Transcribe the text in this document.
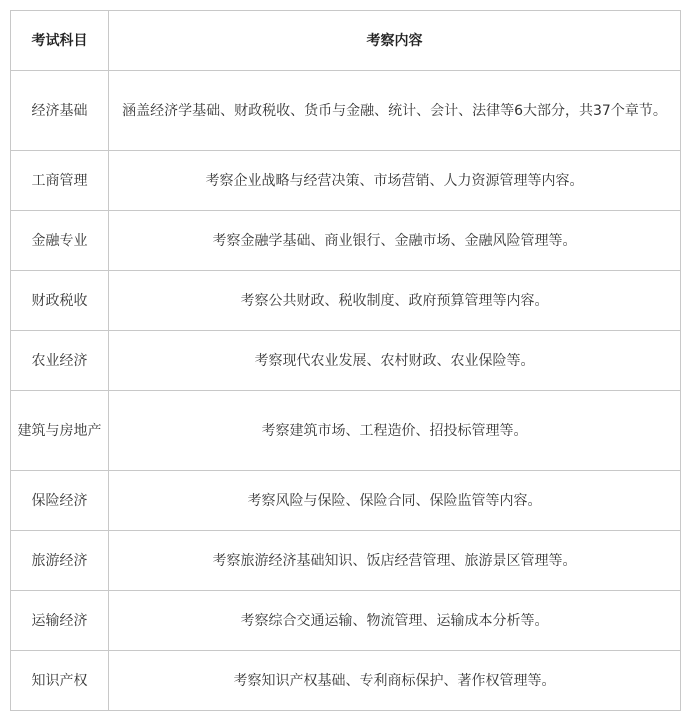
考试科目	考察内容
经济基础	涵盖经济学基础、财政税收、货币与金融、统计、会计、法律等6大部分，共37个章节。
工商管理	考察企业战略与经营决策、市场营销、人力资源管理等内容。
金融专业	考察金融学基础、商业银行、金融市场、金融风险管理等。
财政税收	考察公共财政、税收制度、政府预算管理等内容。
农业经济	考察现代农业发展、农村财政、农业保险等。
建筑与房地产	考察建筑市场、工程造价、招投标管理等。
保险经济	考察风险与保险、保险合同、保险监管等内容。
旅游经济	考察旅游经济基础知识、饭店经营管理、旅游景区管理等。
运输经济	考察综合交通运输、物流管理、运输成本分析等。
知识产权	考察知识产权基础、专利商标保护、著作权管理等。
